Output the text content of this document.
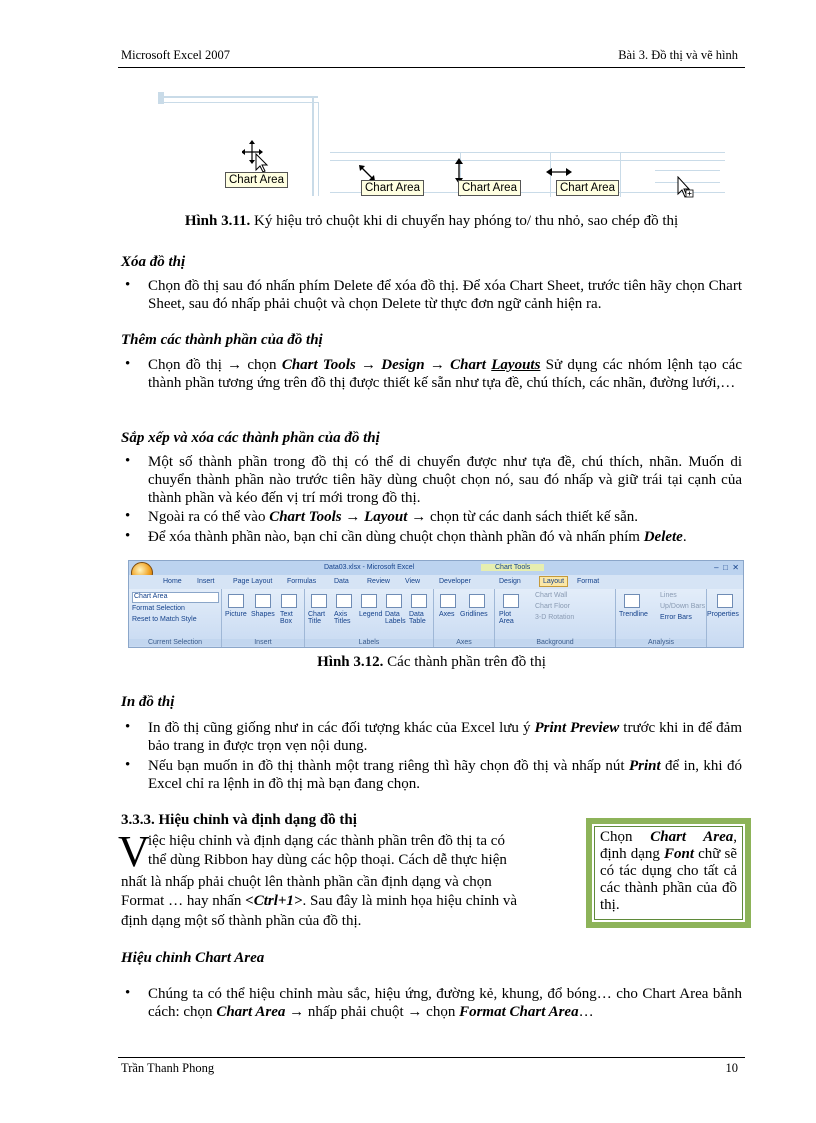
Microsoft Excel 2007	Bài 3. Đồ thị và vẽ hình
Chart Area
Chart Area	Chart Area	Chart Area
Hình 3.11. Ký hiệu trỏ chuột khi di chuyển hay phóng to/ thu nhỏ, sao chép đồ thị
Xóa đồ thị
• Chọn đồ thị sau đó nhấn phím Delete để xóa đồ thị. Để xóa Chart Sheet, trước tiên hãy chọn Chart Sheet, sau đó nhấp phải chuột và chọn Delete từ thực đơn ngữ cảnh hiện ra.
Thêm các thành phần của đồ thị
• Chọn đồ thị → chọn Chart Tools → Design → Chart Layouts Sử dụng các nhóm lệnh tạo các thành phần tương ứng trên đồ thị được thiết kế sẵn như tựa đề, chú thích, các nhãn, đường lưới,…
Sắp xếp và xóa các thành phần của đồ thị
• Một số thành phần trong đồ thị có thể di chuyển được như tựa đề, chú thích, nhãn. Muốn di chuyển thành phần nào trước tiên hãy dùng chuột chọn nó, sau đó nhấp và giữ trái tại cạnh của thành phần và kéo đến vị trí mới trong đồ thị.
• Ngoài ra có thể vào Chart Tools → Layout → chọn từ các danh sách thiết kế sẵn.
• Để xóa thành phần nào, bạn chỉ cần dùng chuột chọn thành phần đó và nhấn phím Delete.
Data03.xlsx - Microsoft Excel	Chart Tools	–  □  ✕
Home Insert	Page Layout Formulas	Data	Review View	Developer	Design	Layout	Format
Chart Area
Format Selection
Reset to Match Style
Current Selection
Picture Shapes Text Box
Insert
Chart Title
Axis Titles
Legend Data Labels
Data Table
Labels
Axes Gridlines
Axes
Plot Area
Chart Wall
Chart Floor
3-D Rotation
Background
Trendline
Lines
Up/Down Bars
Error Bars
Analysis
Properties
Hình 3.12. Các thành phần trên đồ thị
In đồ thị
• In đồ thị cũng giống như in các đối tượng khác của Excel lưu ý Print Preview trước khi in để đảm bảo trang in được trọn vẹn nội dung.
• Nếu bạn muốn in đồ thị thành một trang riêng thì hãy chọn đồ thị và nhấp nút Print để in, khi đó Excel chỉ ra lệnh in đồ thị mà bạn đang chọn.
3.3.3. Hiệu chỉnh và định dạng đồ thị
V
iệc hiệu chỉnh và định dạng các thành phần trên đồ thị ta có
thể dùng Ribbon hay dùng các hộp thoại. Cách dễ thực hiện
nhất là nhấp phải chuột lên thành phần cần định dạng và chọn
Format … hay nhấn <Ctrl+1>. Sau đây là minh họa hiệu chỉnh và
định dạng một số thành phần của đồ thị.
Chọn Chart Area, định dạng Font chữ sẽ có tác dụng cho tất cả các thành phần của đồ thị.
Hiệu chỉnh Chart Area
• Chúng ta có thể hiệu chỉnh màu sắc, hiệu ứng, đường kẻ, khung, đổ bóng… cho Chart Area bằnh cách: chọn Chart Area → nhấp phải chuột → chọn Format Chart Area…
Trần Thanh Phong	10
